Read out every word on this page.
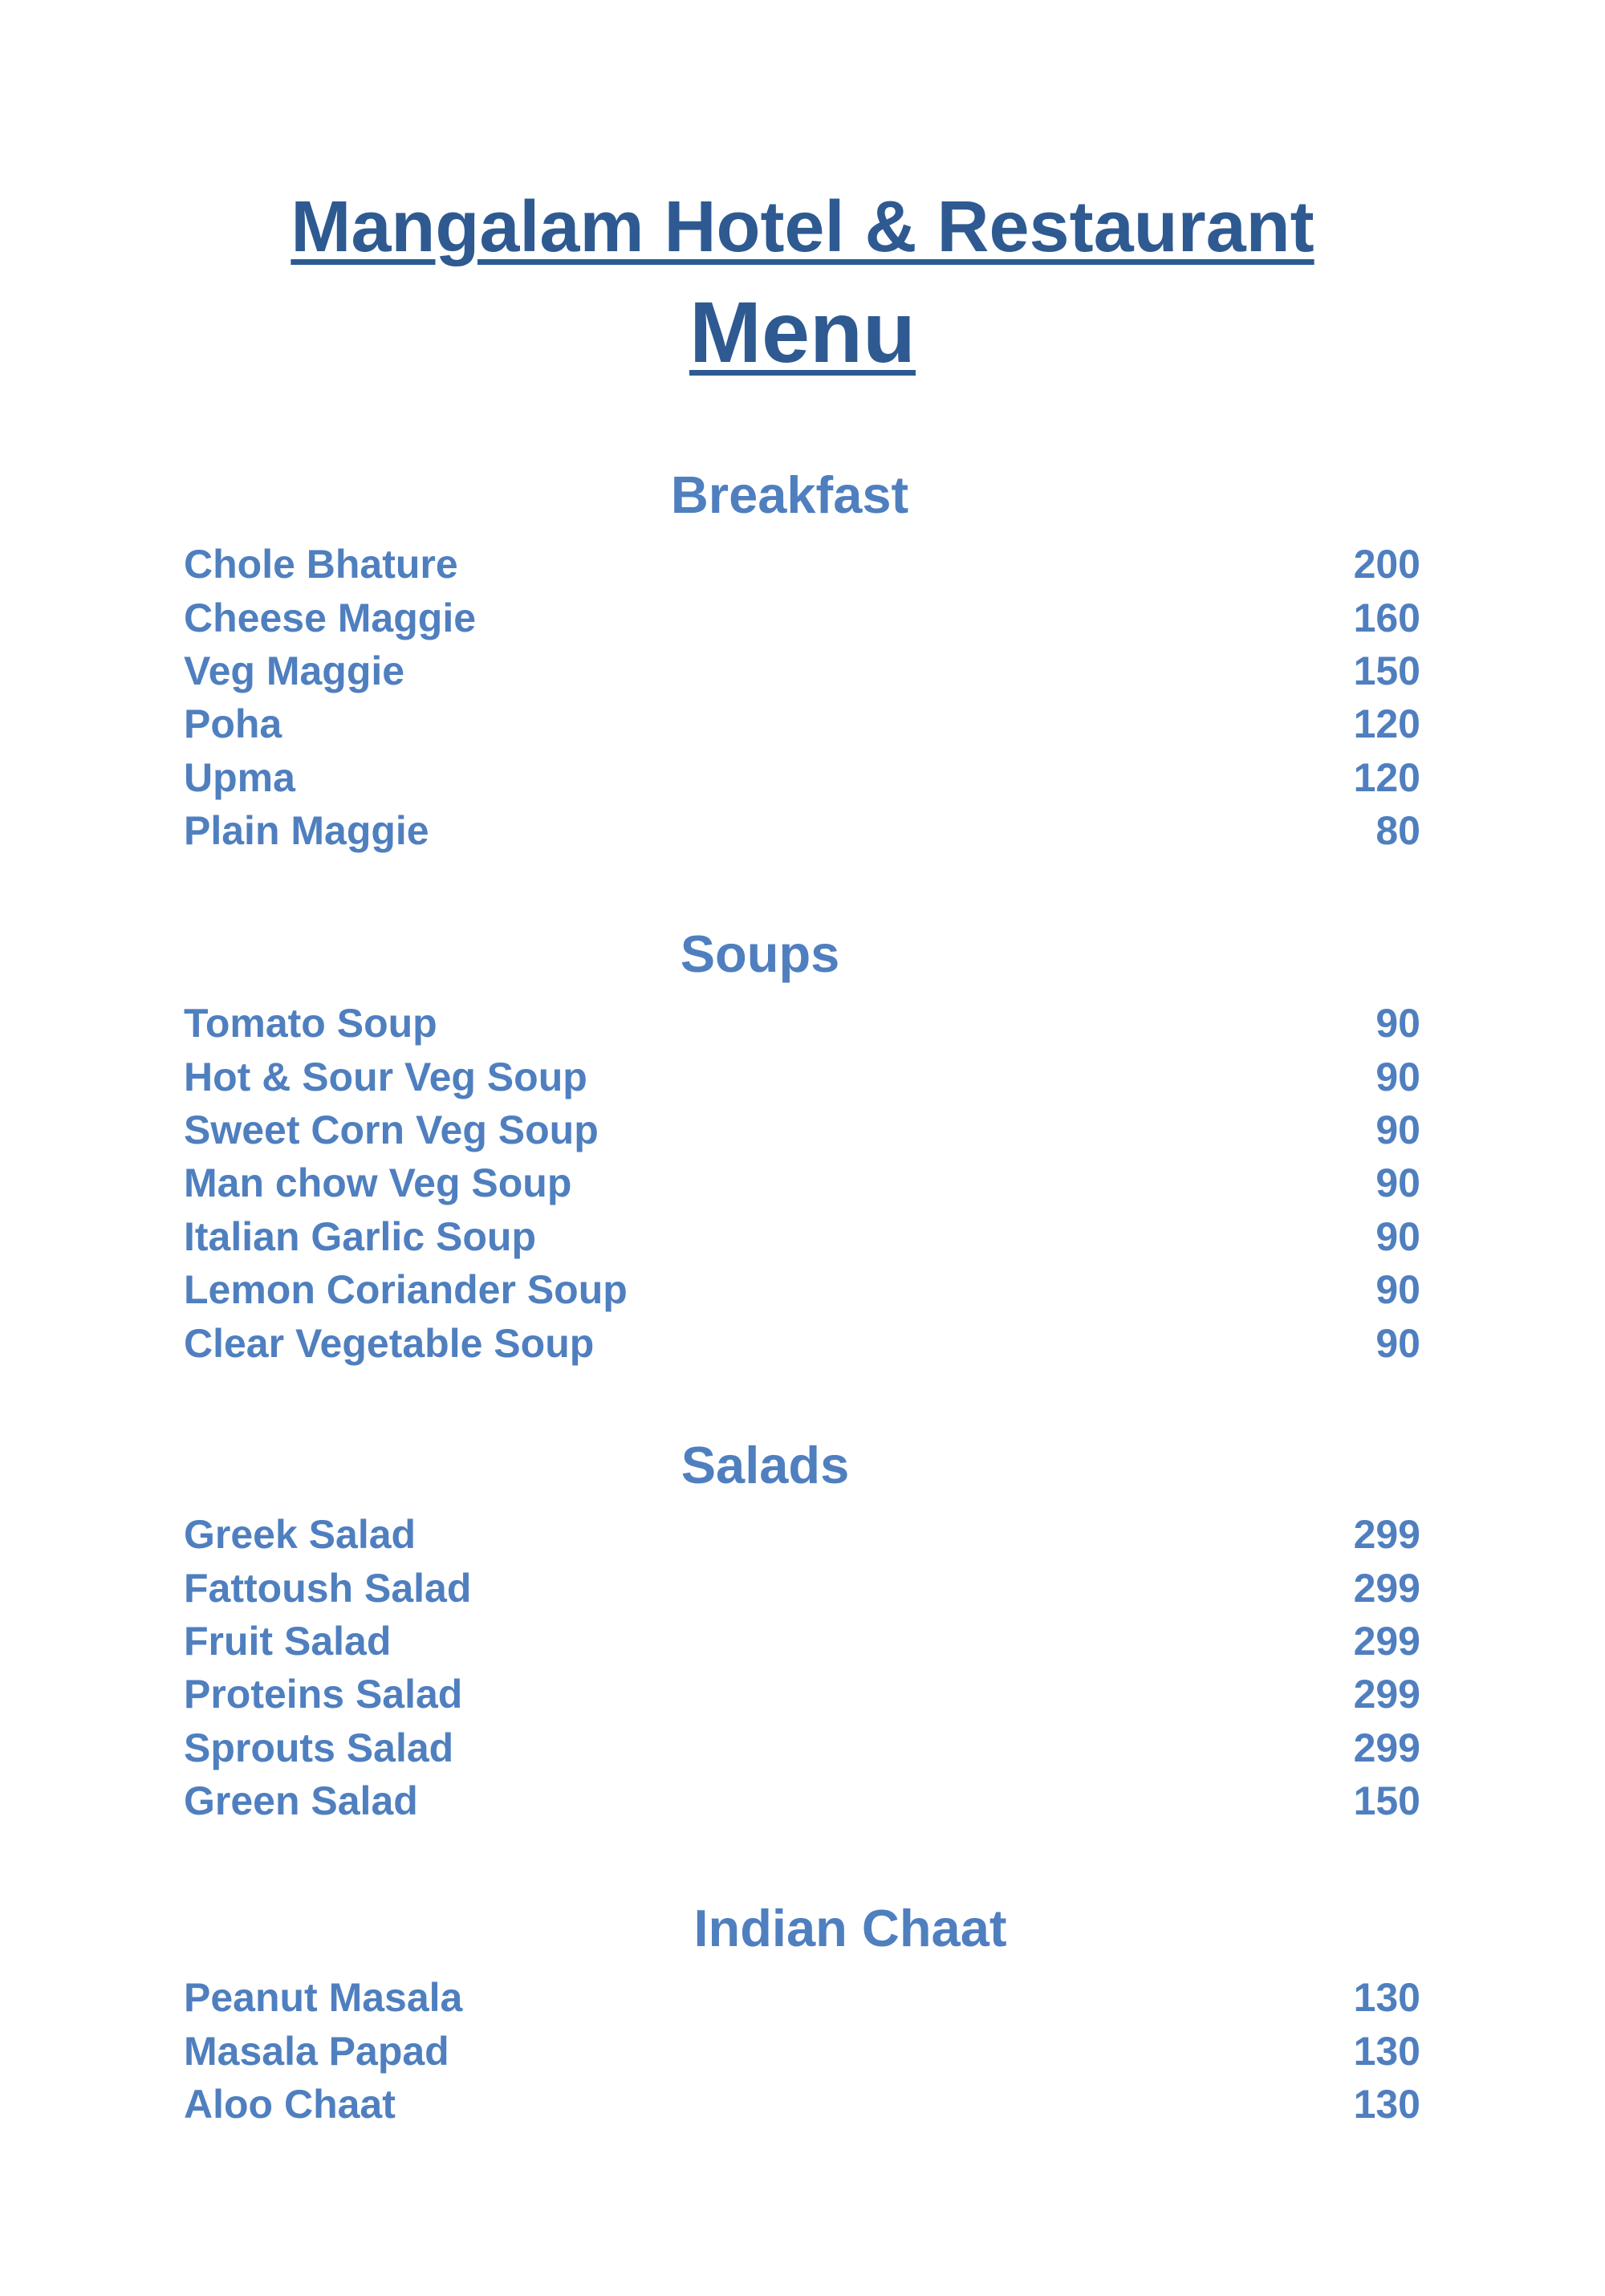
Mangalam Hotel & Restaurant
Menu
Breakfast
Chole Bhature	200
Cheese Maggie	160
Veg Maggie	150
Poha	120
Upma	120
Plain Maggie	80
Soups
Tomato Soup	90
Hot & Sour Veg Soup	90
Sweet Corn Veg Soup	90
Man chow Veg Soup	90
Italian Garlic Soup	90
Lemon Coriander Soup	90
Clear Vegetable Soup	90
Salads
Greek Salad	299
Fattoush Salad	299
Fruit Salad	299
Proteins Salad	299
Sprouts Salad	299
Green Salad	150
Indian Chaat
Peanut Masala	130
Masala Papad	130
Aloo Chaat	130
